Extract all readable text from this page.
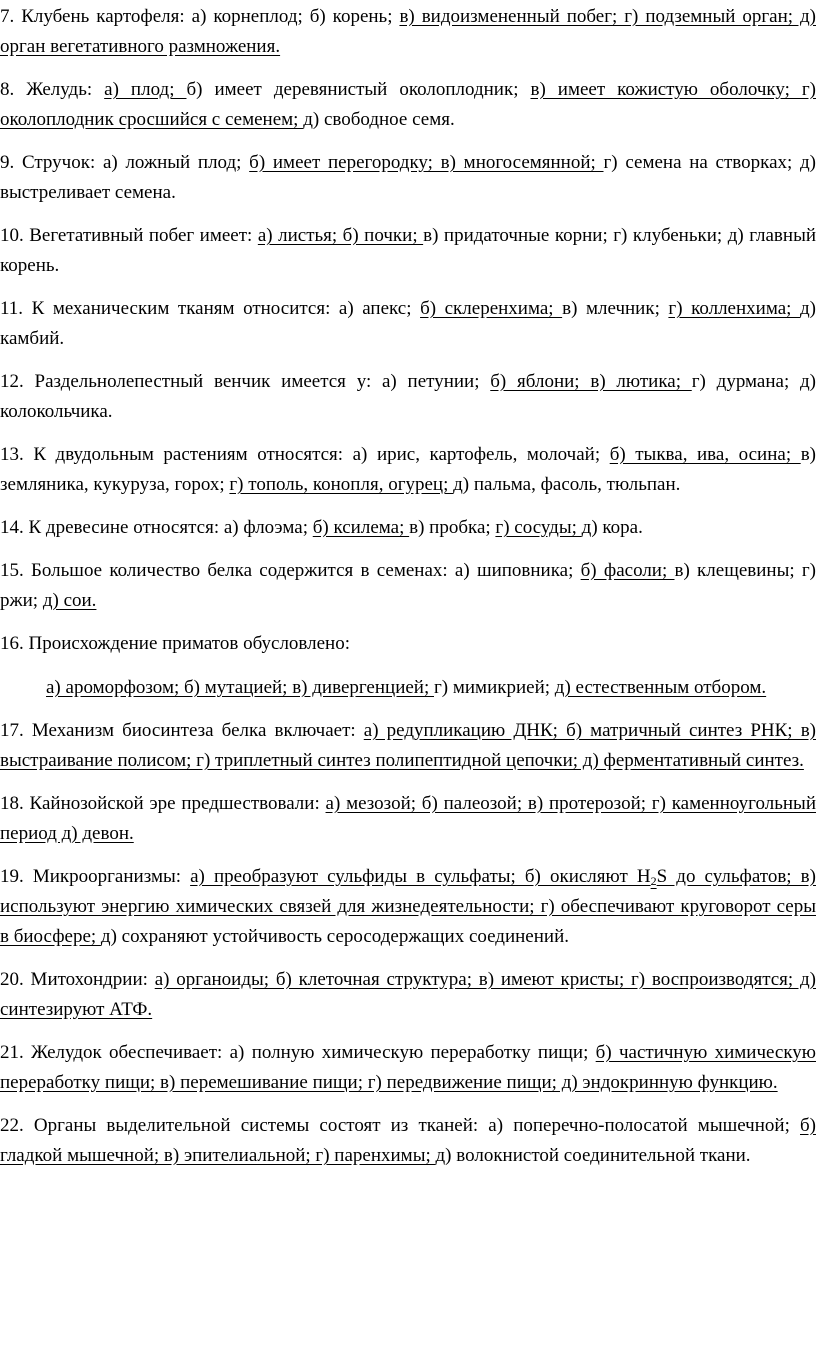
7. Клубень картофеля: а) корнеплод; б) корень; в) видоизмененный побег; г) подземный орган; д) орган вегетативного размножения.

8. Желудь: а) плод; б) имеет деревянистый околоплодник; в) имеет кожистую оболочку; г) околоплодник сросшийся с семенем; д) свободное семя.

9. Стручок: а) ложный плод; б) имеет перегородку; в) многосемянной; г) семена на створках; д) выстреливает семена.

10. Вегетативный побег имеет: а) листья; б) почки; в) придаточные корни; г) клубеньки; д) главный корень.

11. К механическим тканям относится: а) апекс; б) склеренхима; в) млечник; г) колленхима; д) камбий.

12. Раздельнолепестный венчик имеется у: а) петунии; б) яблони; в) лютика; г) дурмана; д) колокольчика.

13. К двудольным растениям относятся: а) ирис, картофель, молочай; б) тыква, ива, осина; в) земляника, кукуруза, горох; г) тополь, конопля, огурец; д) пальма, фасоль, тюльпан.

14. К древесине относятся: а) флоэма; б) ксилема; в) пробка; г) сосуды; д) кора.

15. Большое количество белка содержится в семенах: а) шиповника; б) фасоли; в) клещевины; г) ржи; д) сои.

16. Происхождение приматов обусловлено:

а) ароморфозом; б) мутацией; в) дивергенцией; г) мимикрией; д) естественным отбором.

17. Механизм биосинтеза белка включает: а) редупликацию ДНК; б) матричный синтез РНК; в) выстраивание полисом; г) триплетный синтез полипептидной цепочки; д) ферментативный синтез.

18. Кайнозойской эре предшествовали: а) мезозой; б) палеозой; в) протерозой; г) каменноугольный период д) девон.

19. Микроорганизмы: а) преобразуют сульфиды в сульфаты; б) окисляют $H_2S$ до сульфатов; в) используют энергию химических связей для жизнедеятельности; г) обеспечивают круговорот серы в биосфере; д) сохраняют устойчивость серосодержащих соединений.

20. Митохондрии: а) органоиды; б) клеточная структура; в) имеют кристы; г) воспроизводятся; д) синтезируют АТФ.

21. Желудок обеспечивает: а) полную химическую переработку пищи; б) частичную химическую переработку пищи; в) перемешивание пищи; г) передвижение пищи; д) эндокринную функцию.

22. Органы выделительной системы состоят из тканей: а) поперечно-полосатой мышечной; б) гладкой мышечной; в) эпителиальной; г) паренхимы; д) волокнистой соединительной ткани.
